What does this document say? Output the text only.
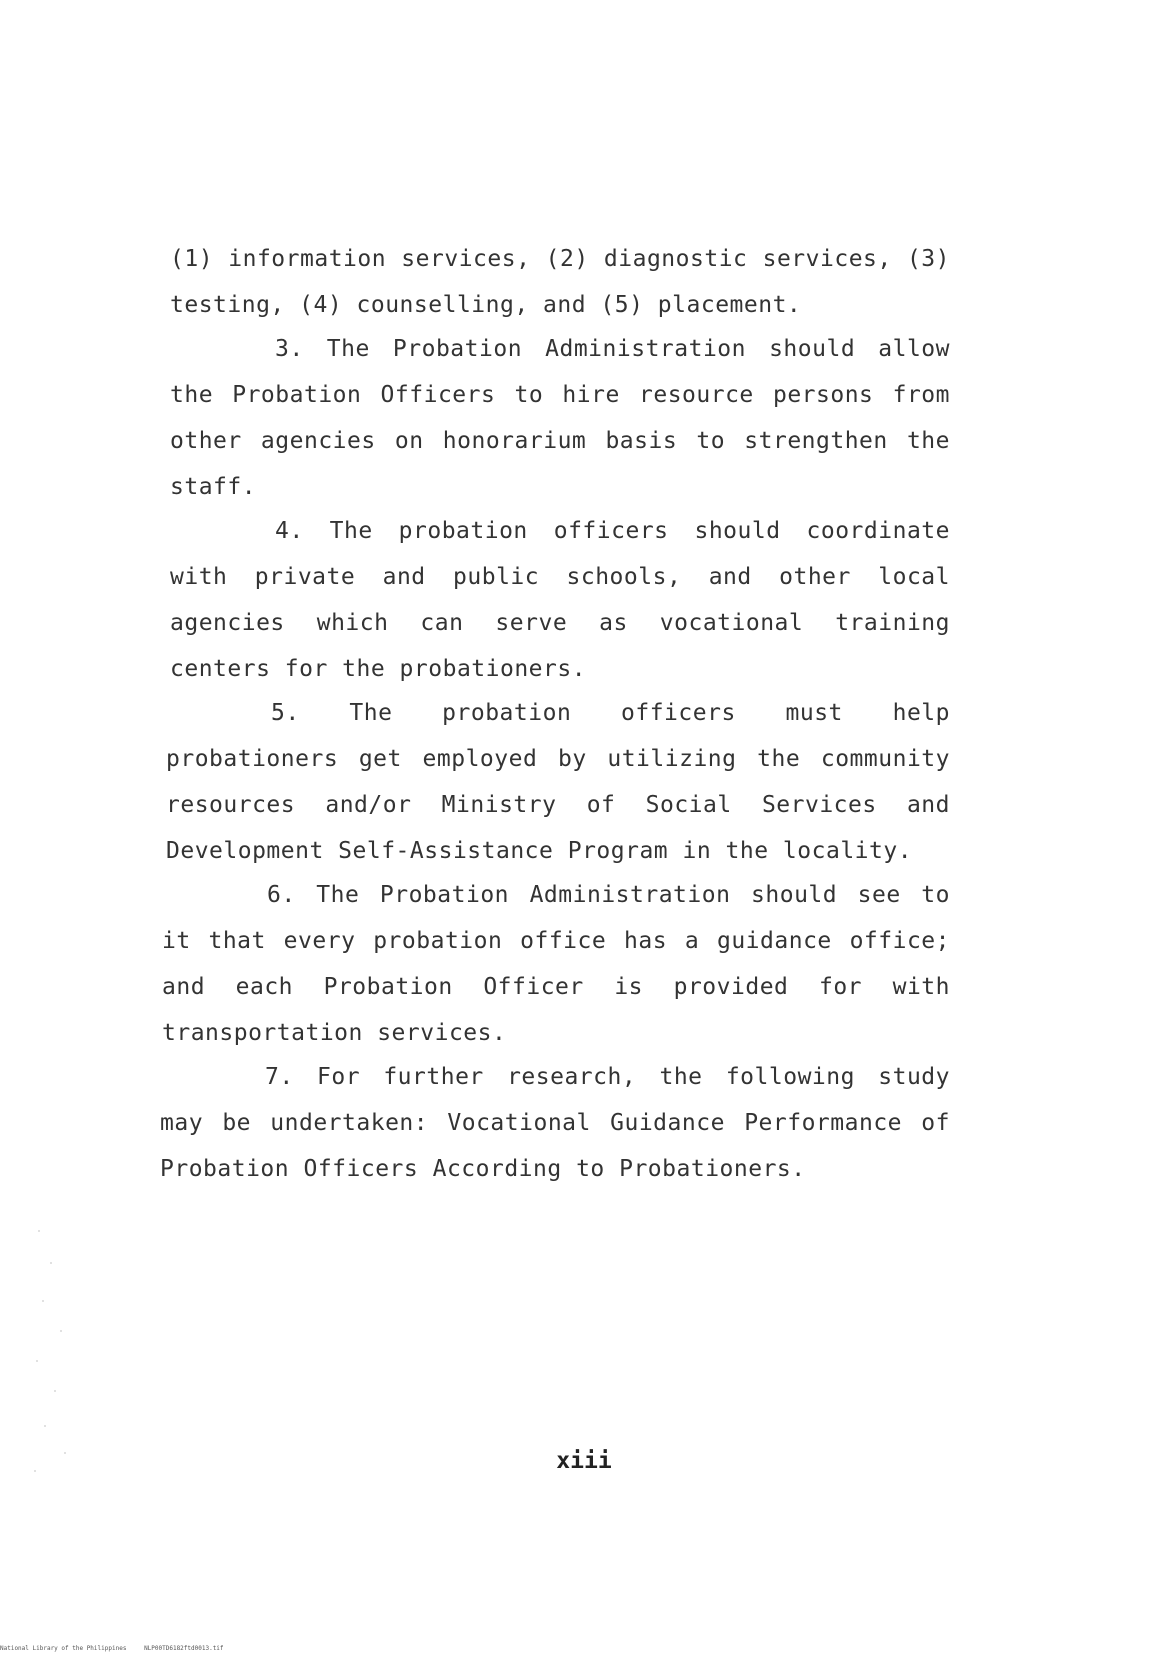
(1) information services, (2) diagnostic services, (3) testing, (4) counselling, and (5) placement.

3. The Probation Administration should allow the Probation Officers to hire resource persons from other agencies on honorarium basis to strengthen the staff.

4. The probation officers should coordinate with private and public schools, and other local agencies which can serve as vocational training centers for the probationers.

5. The probation officers must help probationers get employed by utilizing the community resources and/or Ministry of Social Services and Development Self-Assistance Program in the locality.

6. The Probation Administration should see to it that every probation office has a guidance office; and each Probation Officer is provided for with transportation services.

7. For further research, the following study may be undertaken: Vocational Guidance Performance of Probation Officers According to Probationers.

xiii
National Library of the Philippines	NLP00TD6182ftd0013.tif
